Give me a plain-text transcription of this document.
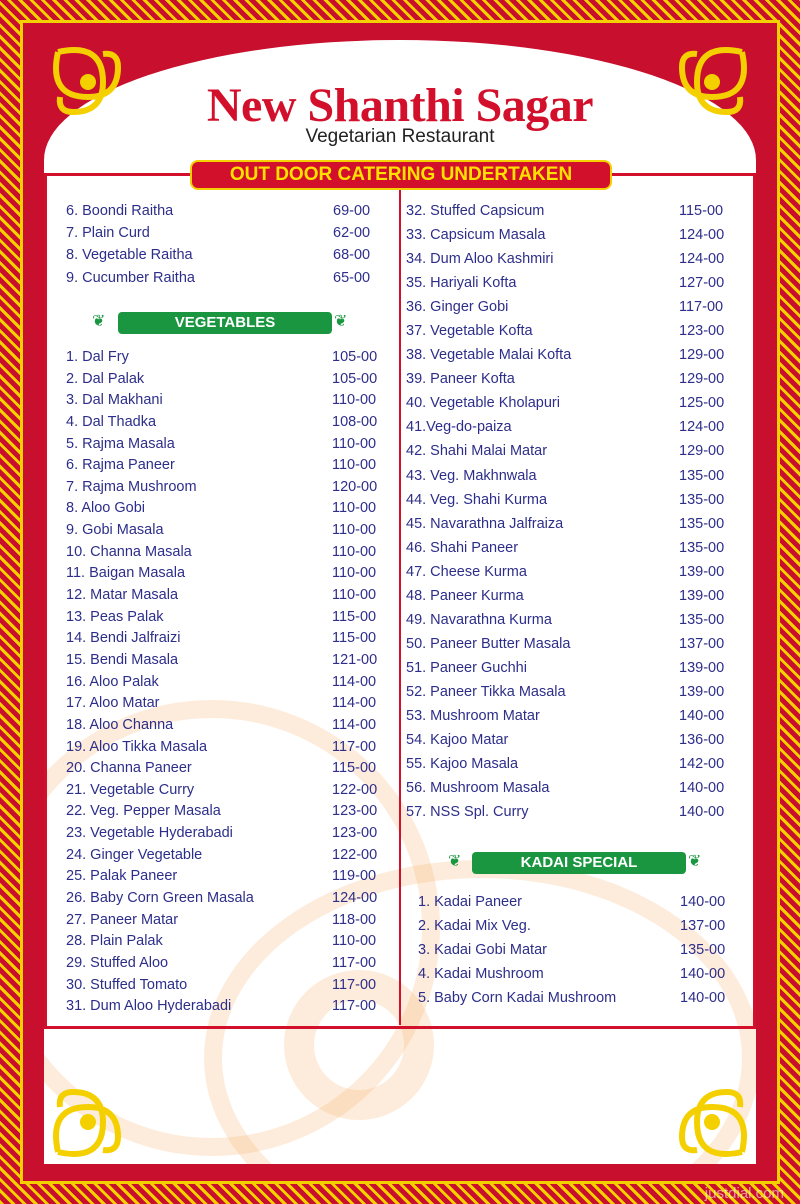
New Shanthi Sagar
Vegetarian Restaurant
OUT DOOR CATERING UNDERTAKEN
6. Boondi Raitha	69-00
7. Plain Curd	62-00
8. Vegetable Raitha	68-00
9. Cucumber Raitha	65-00
❦	VEGETABLES	❦
1. Dal Fry	105-00
2. Dal Palak	105-00
3. Dal Makhani	110-00
4. Dal Thadka	108-00
5. Rajma Masala	110-00
6. Rajma Paneer	110-00
7. Rajma Mushroom	120-00
8. Aloo Gobi	110-00
9. Gobi Masala	110-00
10. Channa Masala	110-00
11. Baigan Masala	110-00
12. Matar Masala	110-00
13. Peas Palak	115-00
14. Bendi Jalfraizi	115-00
15. Bendi Masala	121-00
16. Aloo Palak	114-00
17. Aloo Matar	114-00
18. Aloo Channa	114-00
19. Aloo Tikka Masala	117-00
20. Channa Paneer	115-00
21. Vegetable Curry	122-00
22. Veg. Pepper Masala	123-00
23. Vegetable Hyderabadi	123-00
24. Ginger Vegetable	122-00
25. Palak Paneer	119-00
26. Baby Corn Green Masala	124-00
27. Paneer Matar	118-00
28. Plain Palak	110-00
29. Stuffed Aloo	117-00
30. Stuffed Tomato	117-00
31. Dum Aloo Hyderabadi	117-00
32. Stuffed Capsicum	115-00
33. Capsicum Masala	124-00
34. Dum Aloo Kashmiri	124-00
35. Hariyali Kofta	127-00
36. Ginger Gobi	117-00
37. Vegetable Kofta	123-00
38. Vegetable Malai Kofta	129-00
39. Paneer Kofta	129-00
40. Vegetable Kholapuri	125-00
41.Veg-do-paiza	124-00
42. Shahi Malai Matar	129-00
43. Veg. Makhnwala	135-00
44. Veg. Shahi Kurma	135-00
45. Navarathna Jalfraiza	135-00
46. Shahi Paneer	135-00
47. Cheese Kurma	139-00
48. Paneer Kurma	139-00
49. Navarathna Kurma	135-00
50. Paneer Butter Masala	137-00
51. Paneer Guchhi	139-00
52. Paneer Tikka Masala	139-00
53. Mushroom Matar	140-00
54. Kajoo Matar	136-00
55. Kajoo Masala	142-00
56. Mushroom Masala	140-00
57. NSS Spl. Curry	140-00
❦	KADAI SPECIAL	❦
1. Kadai Paneer	140-00
2. Kadai Mix Veg.	137-00
3. Kadai Gobi Matar	135-00
4. Kadai Mushroom	140-00
5. Baby Corn Kadai Mushroom	140-00
justdial.com
